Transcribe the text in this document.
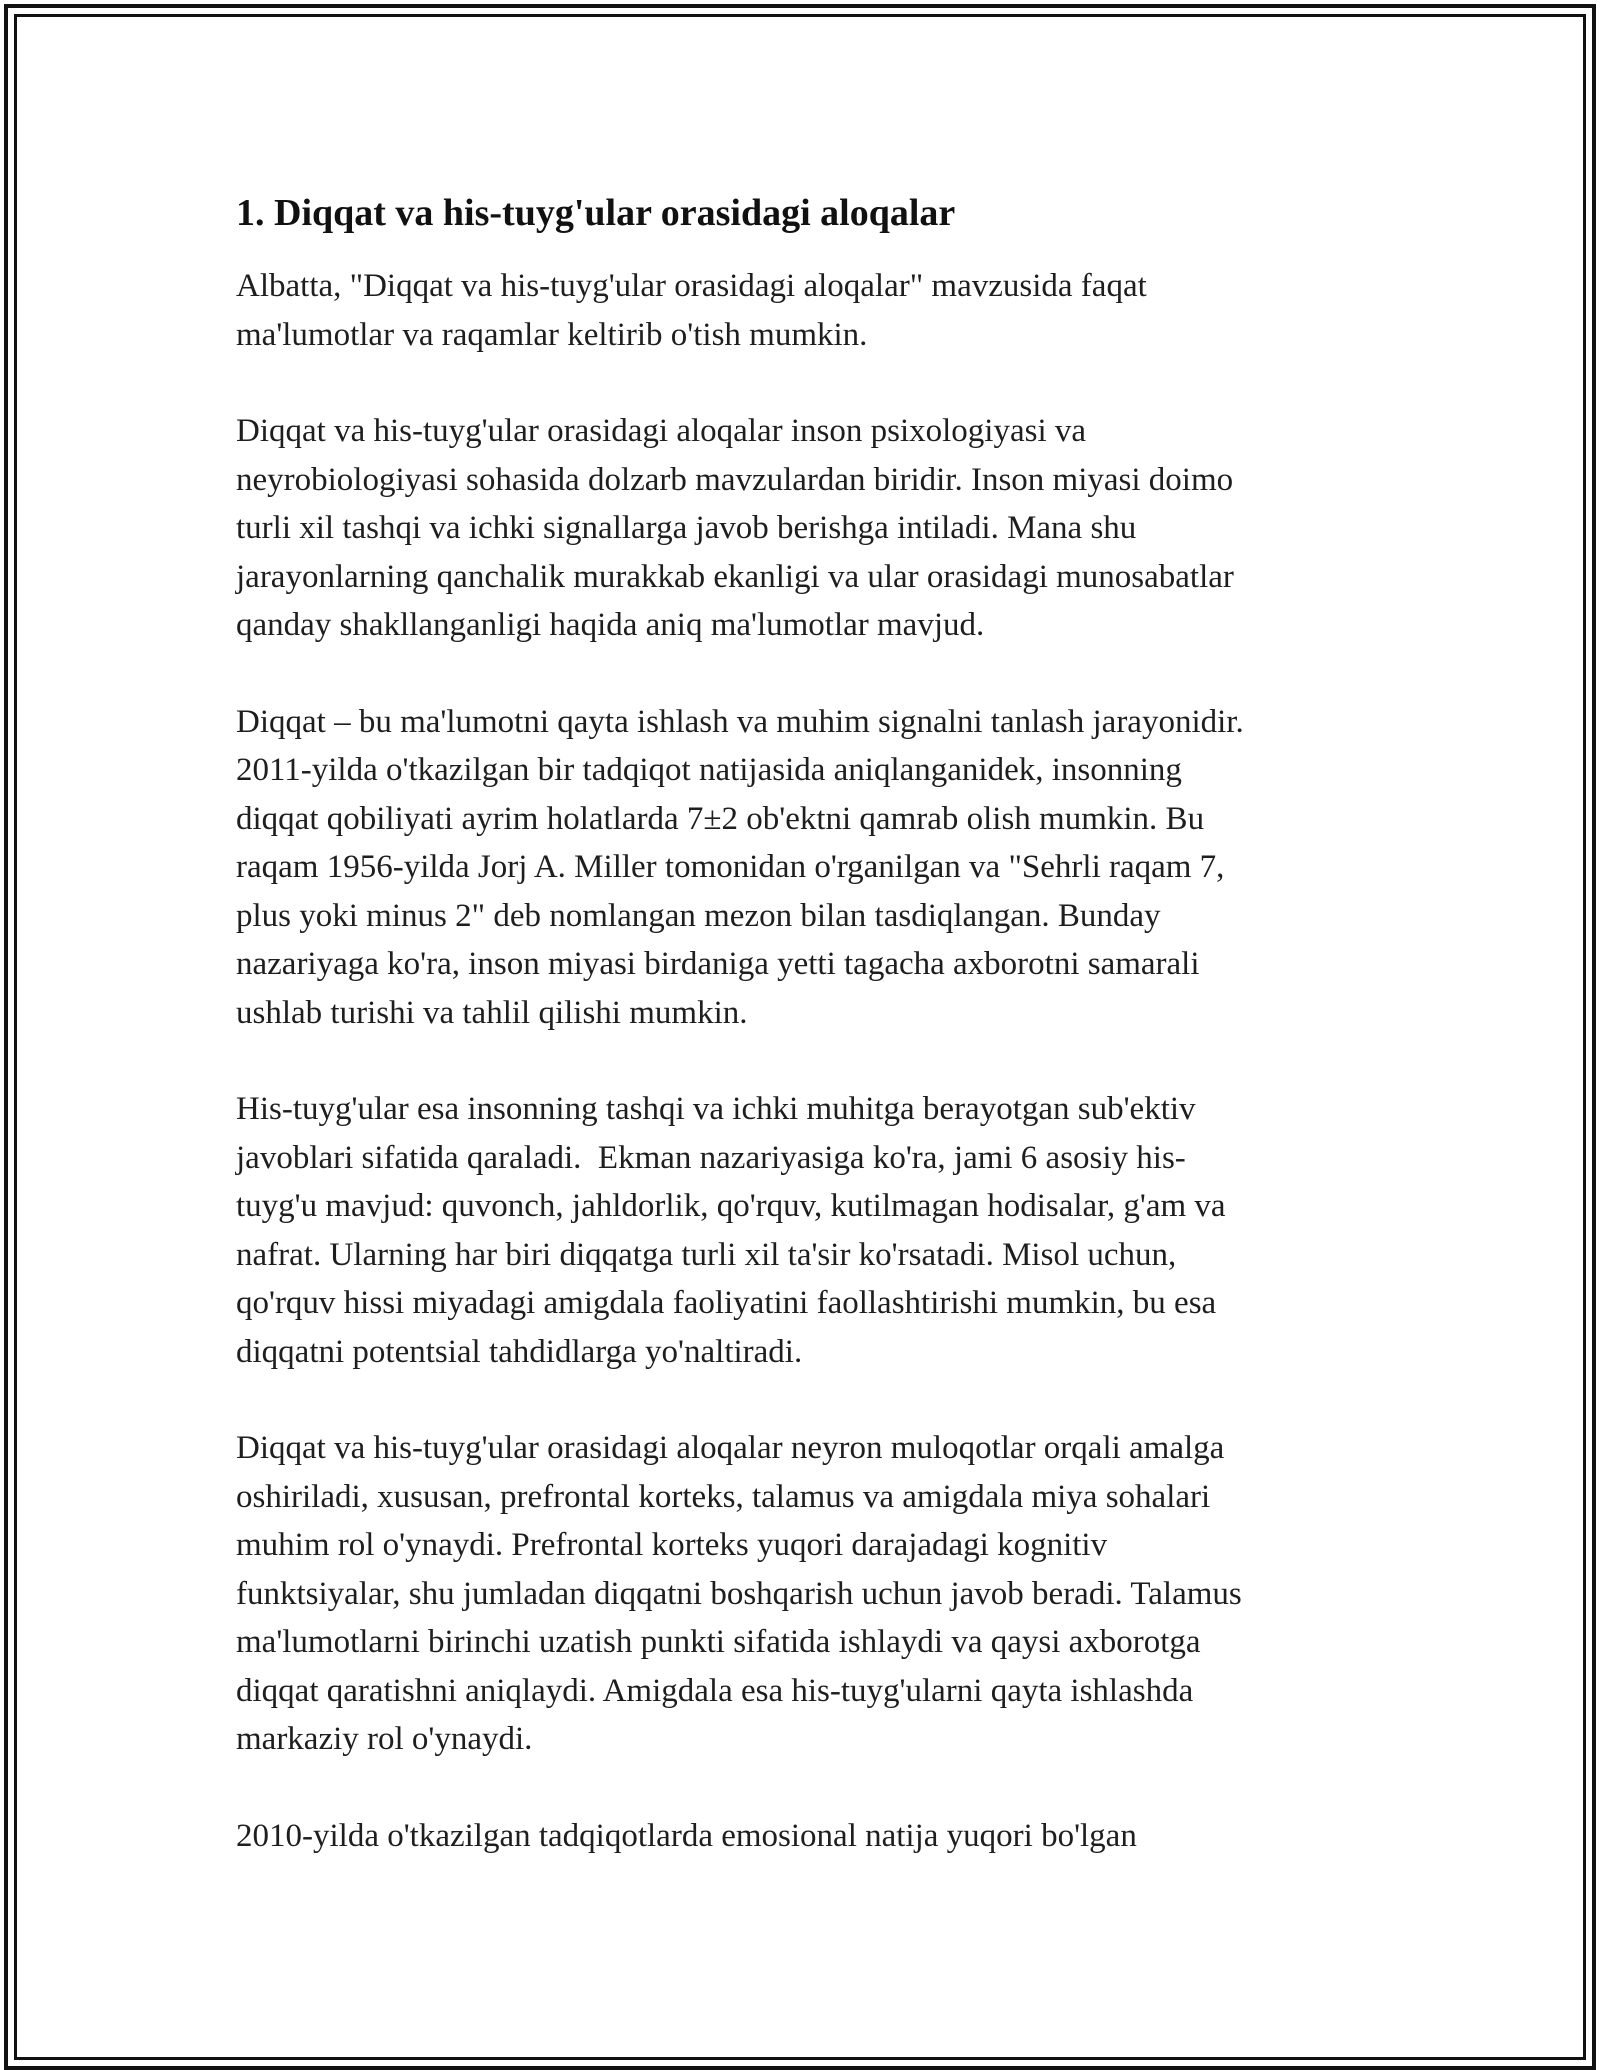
1. Diqqat va his-tuyg'ular orasidagi aloqalar
Albatta, "Diqqat va his-tuyg'ular orasidagi aloqalar" mavzusida faqat
ma'lumotlar va raqamlar keltirib o'tish mumkin.
Diqqat va his-tuyg'ular orasidagi aloqalar inson psixologiyasi va
neyrobiologiyasi sohasida dolzarb mavzulardan biridir. Inson miyasi doimo
turli xil tashqi va ichki signallarga javob berishga intiladi. Mana shu
jarayonlarning qanchalik murakkab ekanligi va ular orasidagi munosabatlar
qanday shakllanganligi haqida aniq ma'lumotlar mavjud.
Diqqat – bu ma'lumotni qayta ishlash va muhim signalni tanlash jarayonidir.
2011-yilda o'tkazilgan bir tadqiqot natijasida aniqlanganidek, insonning
diqqat qobiliyati ayrim holatlarda 7±2 ob'ektni qamrab olish mumkin. Bu
raqam 1956-yilda Jorj A. Miller tomonidan o'rganilgan va "Sehrli raqam 7,
plus yoki minus 2" deb nomlangan mezon bilan tasdiqlangan. Bunday
nazariyaga ko'ra, inson miyasi birdaniga yetti tagacha axborotni samarali
ushlab turishi va tahlil qilishi mumkin.
His-tuyg'ular esa insonning tashqi va ichki muhitga berayotgan sub'ektiv
javoblari sifatida qaraladi.  Ekman nazariyasiga ko'ra, jami 6 asosiy his-
tuyg'u mavjud: quvonch, jahldorlik, qo'rquv, kutilmagan hodisalar, g'am va
nafrat. Ularning har biri diqqatga turli xil ta'sir ko'rsatadi. Misol uchun,
qo'rquv hissi miyadagi amigdala faoliyatini faollashtirishi mumkin, bu esa
diqqatni potentsial tahdidlarga yo'naltiradi.
Diqqat va his-tuyg'ular orasidagi aloqalar neyron muloqotlar orqali amalga
oshiriladi, xususan, prefrontal korteks, talamus va amigdala miya sohalari
muhim rol o'ynaydi. Prefrontal korteks yuqori darajadagi kognitiv
funktsiyalar, shu jumladan diqqatni boshqarish uchun javob beradi. Talamus
ma'lumotlarni birinchi uzatish punkti sifatida ishlaydi va qaysi axborotga
diqqat qaratishni aniqlaydi. Amigdala esa his-tuyg'ularni qayta ishlashda
markaziy rol o'ynaydi.
2010-yilda o'tkazilgan tadqiqotlarda emosional natija yuqori bo'lgan
